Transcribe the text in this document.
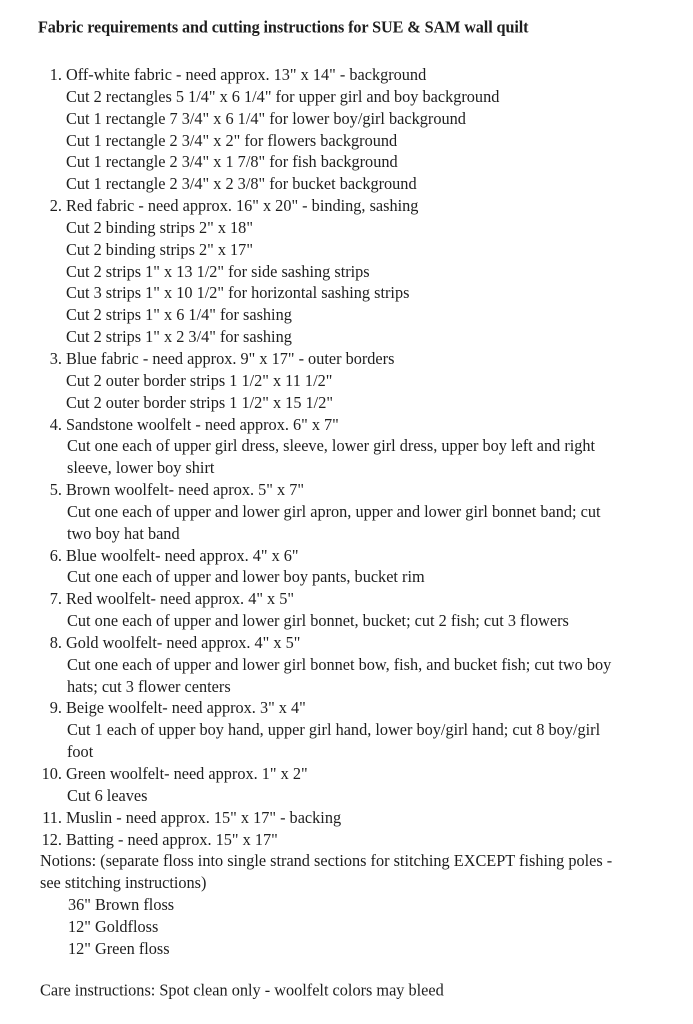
Fabric requirements and cutting instructions for SUE & SAM wall quilt
1. Off-white fabric - need approx. 13" x 14" - background
Cut 2 rectangles 5 1/4" x 6 1/4" for upper girl and boy background
Cut 1 rectangle 7 3/4" x 6 1/4" for lower boy/girl background
Cut 1 rectangle 2 3/4" x 2" for flowers background
Cut 1 rectangle 2 3/4" x 1 7/8" for fish background
Cut 1 rectangle 2 3/4" x 2 3/8" for bucket background
2. Red fabric - need approx. 16" x 20" - binding, sashing
Cut 2 binding strips 2" x 18"
Cut 2 binding strips 2" x 17"
Cut 2 strips 1" x 13 1/2" for side sashing strips
Cut 3 strips 1" x 10 1/2" for horizontal sashing strips
Cut 2 strips 1" x 6 1/4" for sashing
Cut 2 strips 1" x 2 3/4" for sashing
3. Blue fabric - need approx. 9" x 17" - outer borders
Cut 2 outer border strips 1 1/2" x 11 1/2"
Cut 2 outer border strips 1 1/2" x 15 1/2"
4. Sandstone woolfelt - need approx. 6" x 7"
Cut one each of upper girl dress, sleeve, lower girl dress, upper boy left and right
sleeve, lower boy shirt
5. Brown woolfelt- need aprox. 5" x 7"
Cut one each of upper and lower girl apron, upper and lower girl bonnet band; cut
two boy hat band
6. Blue woolfelt- need approx. 4" x 6"
Cut one each of upper and lower boy pants, bucket rim
7. Red woolfelt- need approx. 4" x 5"
Cut one each of upper and lower girl bonnet, bucket; cut 2 fish; cut 3 flowers
8. Gold woolfelt- need approx. 4" x 5"
Cut one each of upper and lower girl bonnet bow, fish, and bucket fish; cut two boy
hats; cut 3 flower centers
9. Beige woolfelt- need approx. 3" x 4"
Cut 1 each of upper boy hand, upper girl hand, lower boy/girl hand; cut 8 boy/girl
foot
10. Green woolfelt- need approx. 1" x 2"
Cut 6 leaves
11. Muslin - need approx. 15" x 17" - backing
12. Batting - need approx. 15" x 17"
Notions: (separate floss into single strand sections for stitching EXCEPT fishing poles -
see stitching instructions)
36" Brown floss
12" Goldfloss
12" Green floss
Care instructions: Spot clean only - woolfelt colors may bleed
